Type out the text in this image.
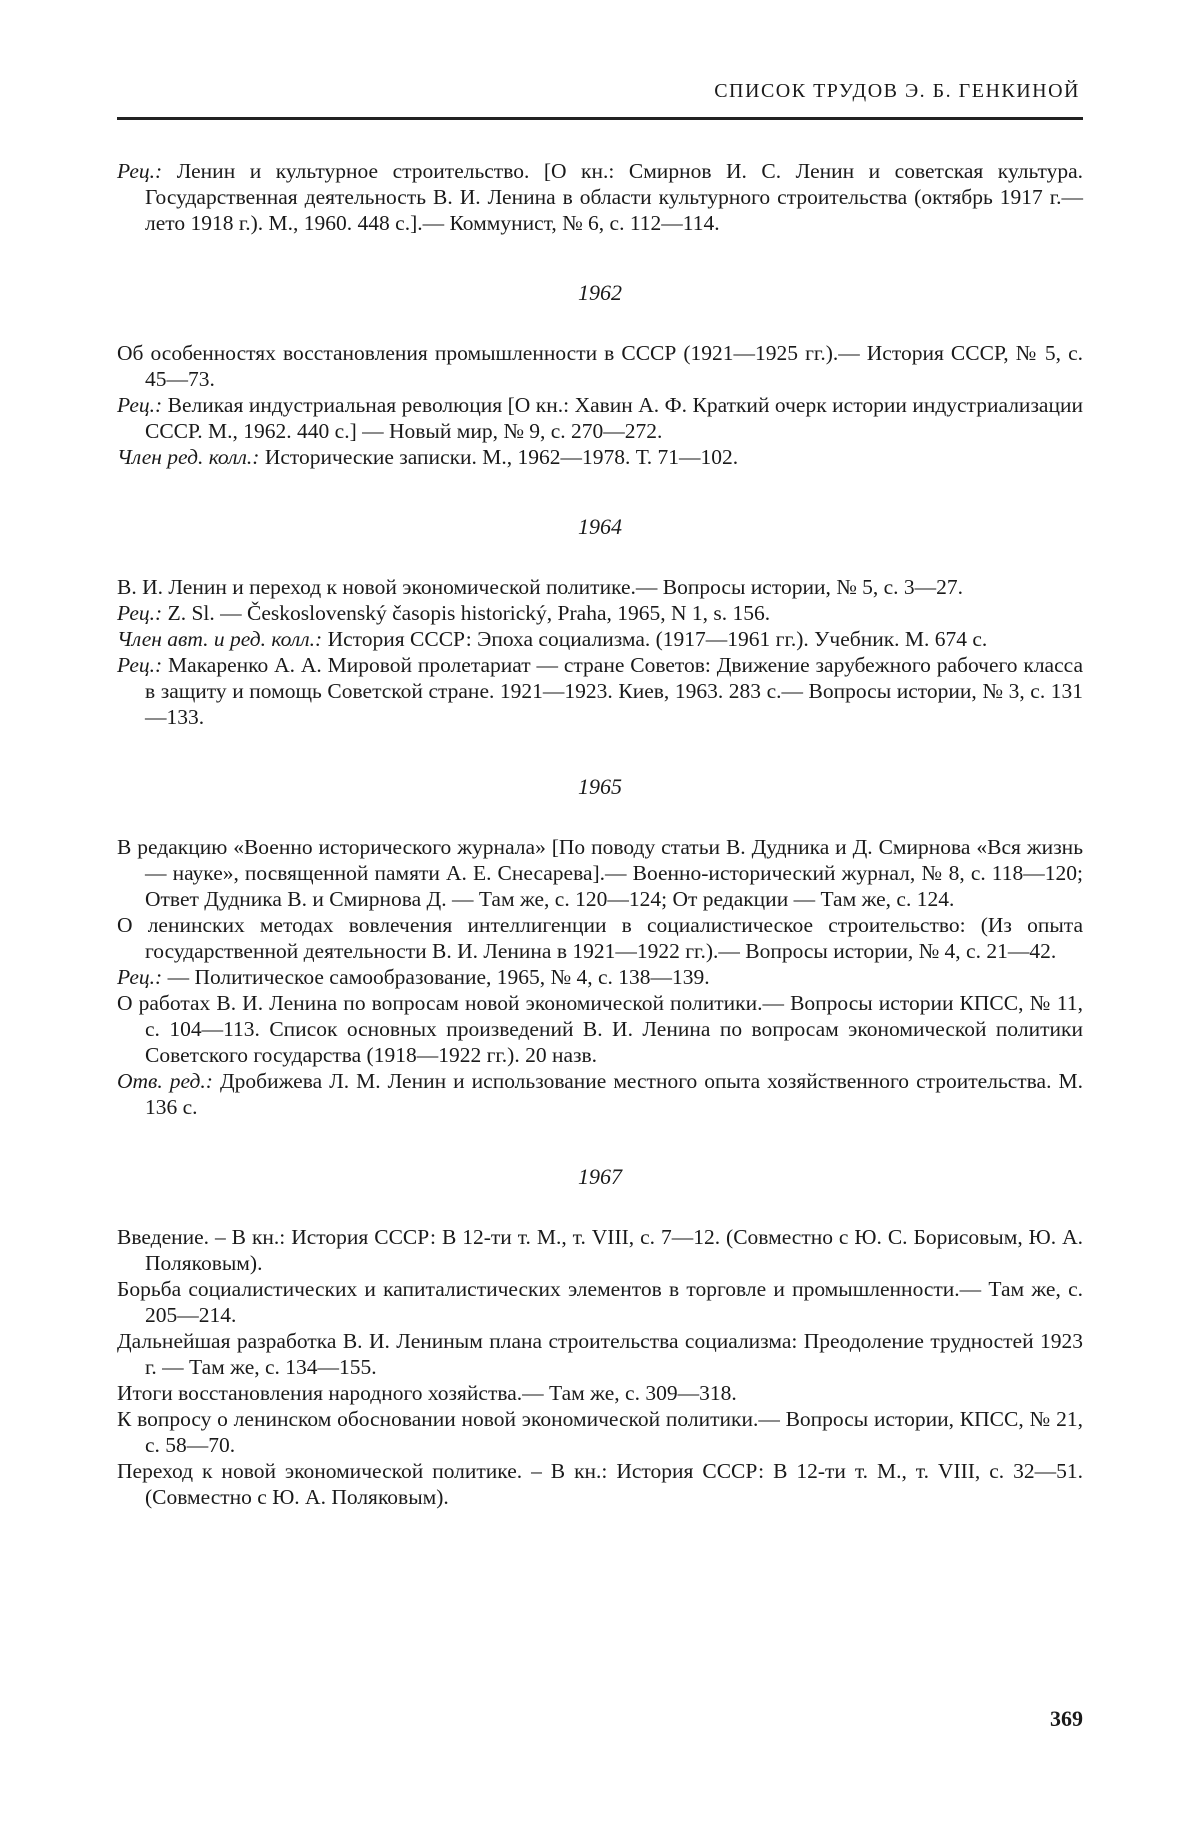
СПИСОК ТРУДОВ Э. Б. ГЕНКИНОЙ

Рец.: Ленин и культурное строительство. [О кн.: Смирнов И. С. Ленин и советская культура. Государственная деятельность В. И. Ленина в области культурного строительства (октябрь 1917 г.— лето 1918 г.). М., 1960. 448 с.].— Коммунист, № 6, с. 112—114.

1962

Об особенностях восстановления промышленности в СССР (1921—1925 гг.).— История СССР, № 5, с. 45—73.

Рец.: Великая индустриальная революция [О кн.: Хавин А. Ф. Краткий очерк истории индустриализации СССР. М., 1962. 440 с.] — Новый мир, № 9, с. 270—272.

Член ред. колл.: Исторические записки. М., 1962—1978. Т. 71—102.

1964

В. И. Ленин и переход к новой экономической политике.— Вопросы истории, № 5, с. 3—27.

Рец.: Z. Sl. — Československý časopis historický, Praha, 1965, N 1, s. 156.

Член авт. и ред. колл.: История СССР: Эпоха социализма. (1917—1961 гг.). Учебник. М. 674 с.

Рец.: Макаренко А. А. Мировой пролетариат — стране Советов: Движение зарубежного рабочего класса в защиту и помощь Советской стране. 1921—1923. Киев, 1963. 283 с.— Вопросы истории, № 3, с. 131—133.

1965

В редакцию «Военно исторического журнала» [По поводу статьи В. Дудника и Д. Смирнова «Вся жизнь — науке», посвященной памяти А. Е. Снесарева].— Военно-исторический журнал, № 8, с. 118—120; Ответ Дудника В. и Смирнова Д. — Там же, с. 120—124; От редакции — Там же, с. 124.

О ленинских методах вовлечения интеллигенции в социалистическое строительство: (Из опыта государственной деятельности В. И. Ленина в 1921—1922 гг.).— Вопросы истории, № 4, с. 21—42.

Рец.: — Политическое самообразование, 1965, № 4, с. 138—139.

О работах В. И. Ленина по вопросам новой экономической политики.— Вопросы истории КПСС, № 11, с. 104—113. Список основных произведений В. И. Ленина по вопросам экономической политики Советского государства (1918—1922 гг.). 20 назв.

Отв. ред.: Дробижева Л. М. Ленин и использование местного опыта хозяйственного строительства. М. 136 с.

1967

Введение. – В кн.: История СССР: В 12-ти т. М., т. VIII, с. 7—12. (Совместно с Ю. С. Борисовым, Ю. А. Поляковым).

Борьба социалистических и капиталистических элементов в торговле и промышленности.— Там же, с. 205—214.

Дальнейшая разработка В. И. Лениным плана строительства социализма: Преодоление трудностей 1923 г. — Там же, с. 134—155.

Итоги восстановления народного хозяйства.— Там же, с. 309—318.

К вопросу о ленинском обосновании новой экономической политики.— Вопросы истории, КПСС, № 21, с. 58—70.

Переход к новой экономической политике. – В кн.: История СССР: В 12-ти т. М., т. VIII, с. 32—51. (Совместно с Ю. А. Поляковым).

369
